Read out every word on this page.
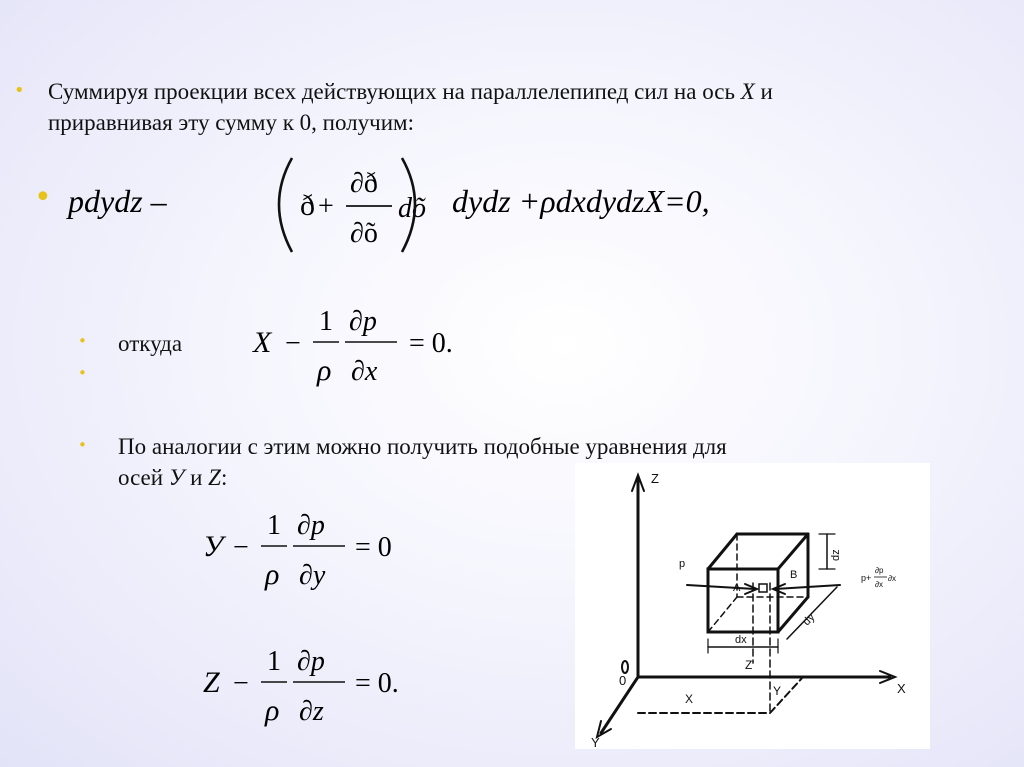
• Суммируя проекции всех действующих на параллелепипед сил на ось X и
приравнивая эту сумму к 0, получим:
• pdydz –	ð +
∂ð
∂õ
dõ dydz +ρdxdydzX=0,
•
•
откуда X −
1
ρ
∂p
∂x
= 0.
• По аналогии с этим можно получить подобные уравнения для
осей У и Z:
У −
1
ρ
∂p
∂y
= 0
Z −
1
ρ
∂p
∂z
= 0.
Z
X
Y
p
A
B
dx
dy
dz
X
Y
Z
0
p+
∂p
∂x
∂x
